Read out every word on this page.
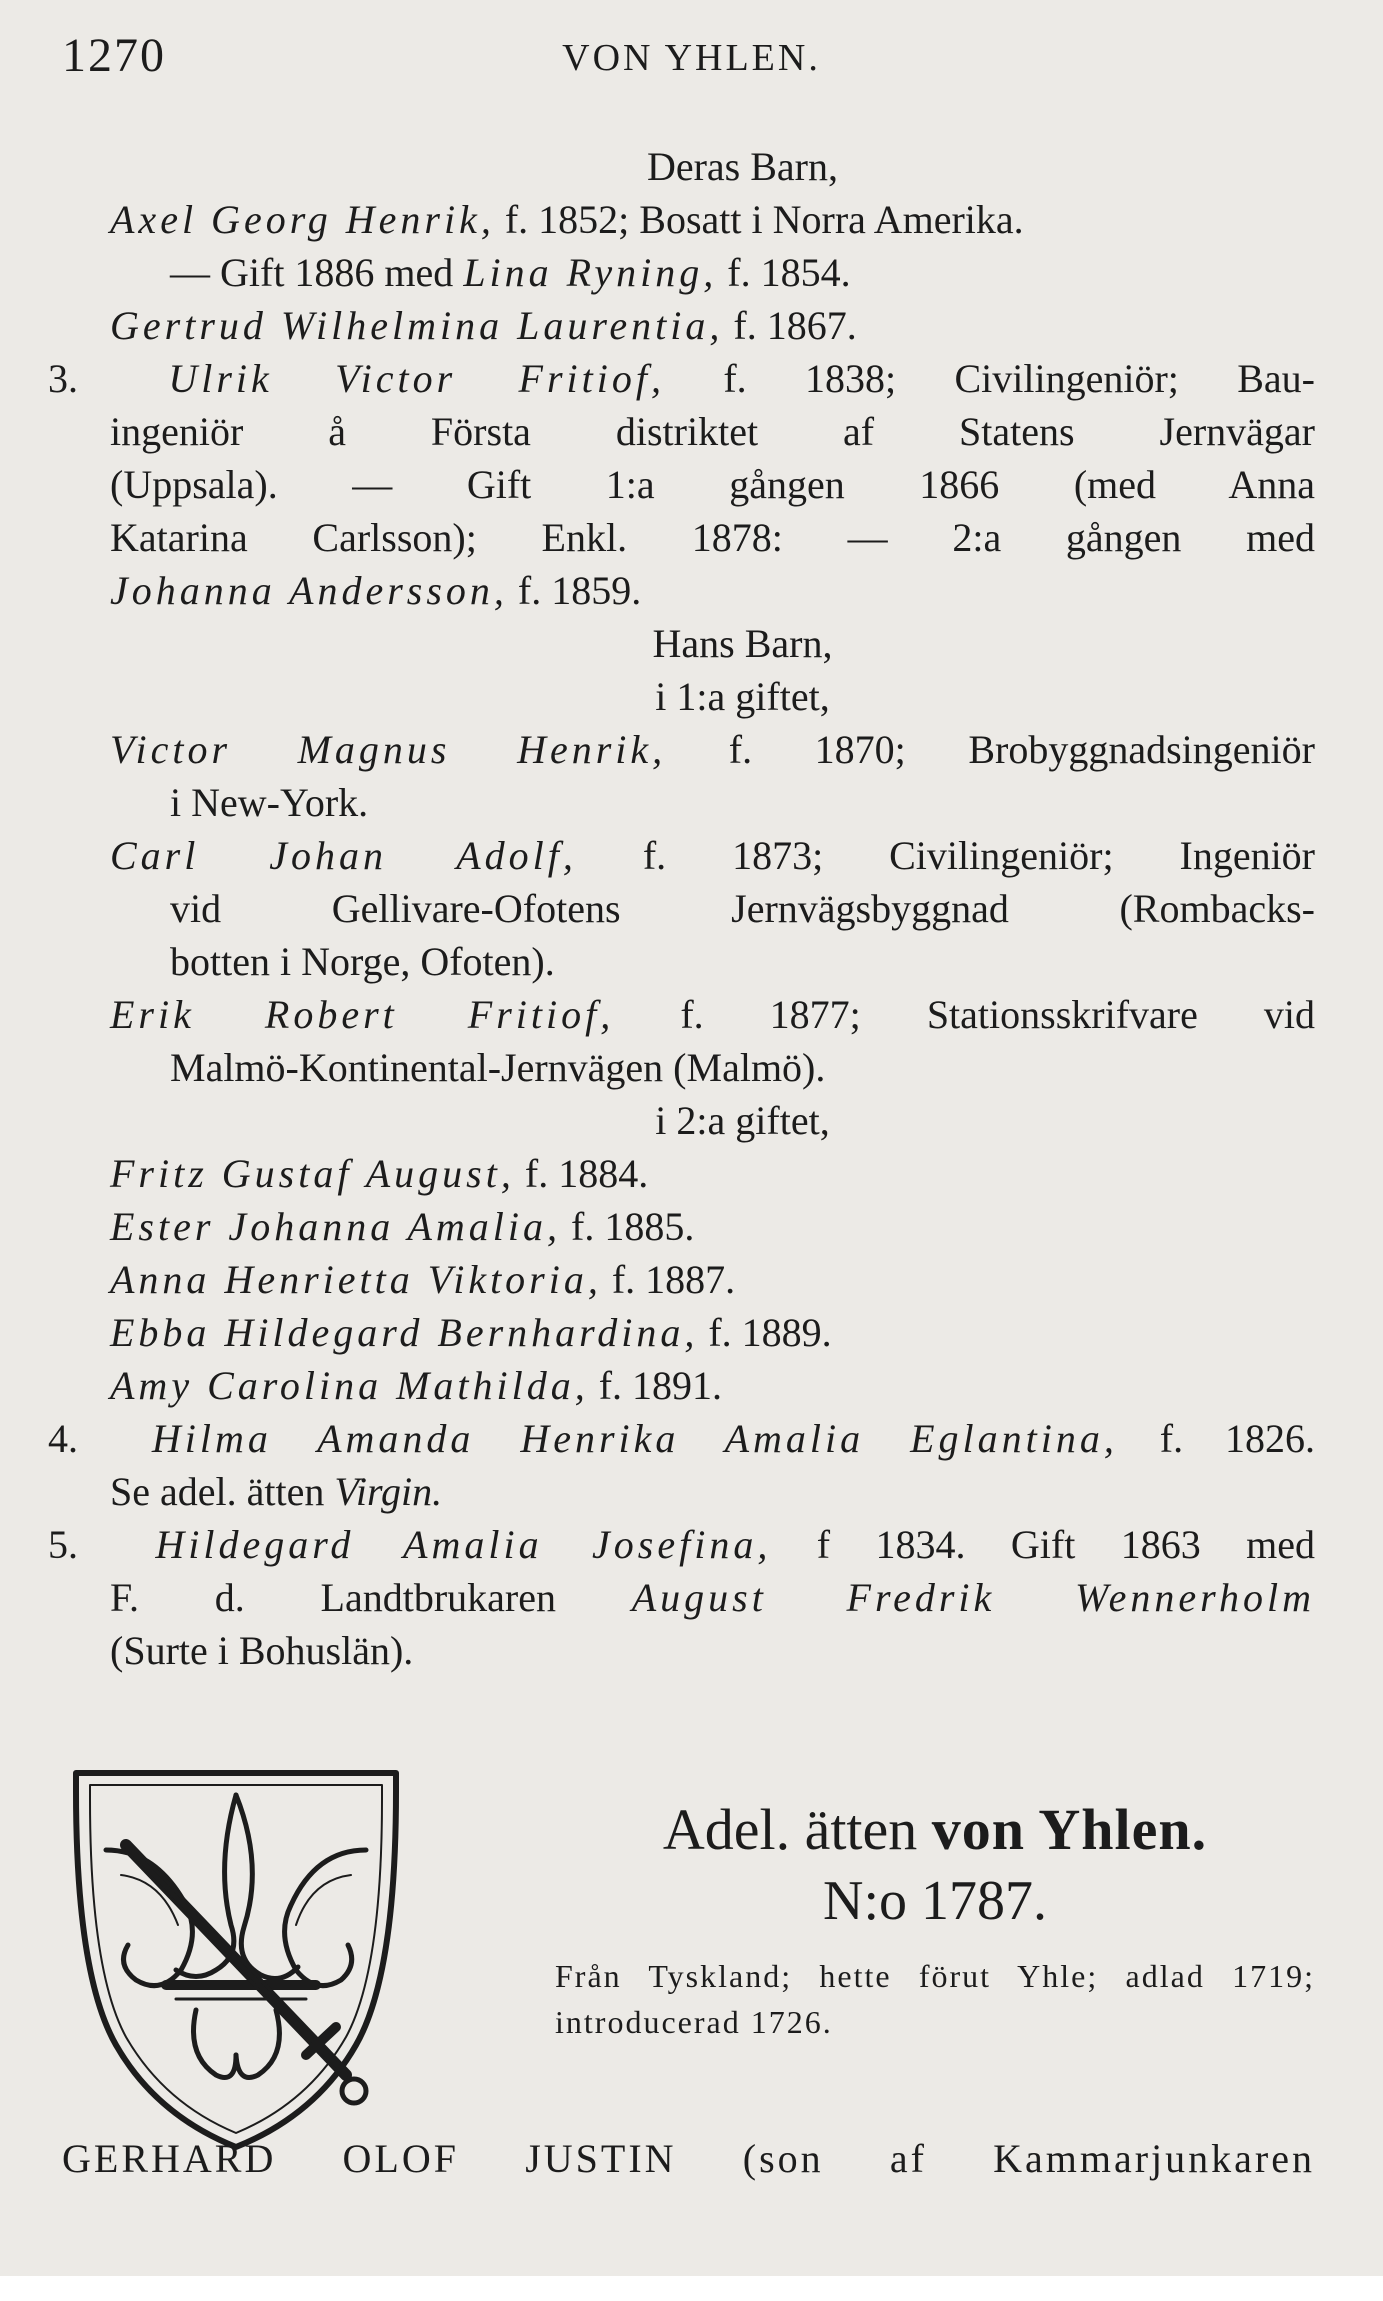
1270	VON YHLEN.
Deras Barn,
Axel Georg Henrik, f. 1852; Bosatt i Norra Amerika.
— Gift 1886 med Lina Ryning, f. 1854.
Gertrud Wilhelmina Laurentia, f. 1867.
3. Ulrik Victor Fritiof, f. 1838; Civilingeniör; Bau-
ingeniör å Första distriktet af Statens Jernvägar
(Uppsala). — Gift 1:a gången 1866 (med Anna
Katarina Carlsson); Enkl. 1878: — 2:a gången med
Johanna Andersson, f. 1859.
Hans Barn,
i 1:a giftet,
Victor Magnus Henrik, f. 1870; Brobyggnadsingeniör
i New-York.
Carl Johan Adolf, f. 1873; Civilingeniör; Ingeniör
vid Gellivare-Ofotens Jernvägsbyggnad (Rombacks-
botten i Norge, Ofoten).
Erik Robert Fritiof, f. 1877; Stationsskrifvare vid
Malmö-Kontinental-Jernvägen (Malmö).
i 2:a giftet,
Fritz Gustaf August, f. 1884.
Ester Johanna Amalia, f. 1885.
Anna Henrietta Viktoria, f. 1887.
Ebba Hildegard Bernhardina, f. 1889.
Amy Carolina Mathilda, f. 1891.
4. Hilma Amanda Henrika Amalia Eglantina, f. 1826.
Se adel. ätten Virgin.
5. Hildegard Amalia Josefina, f 1834. Gift 1863 med
F. d. Landtbrukaren August Fredrik Wennerholm
(Surte i Bohuslän).
Adel. ätten von Yhlen.
N:o 1787.
Från Tyskland; hette förut Yhle; adlad 1719; introducerad 1726.
GERHARD OLOF JUSTIN (son af Kammarjunkaren
